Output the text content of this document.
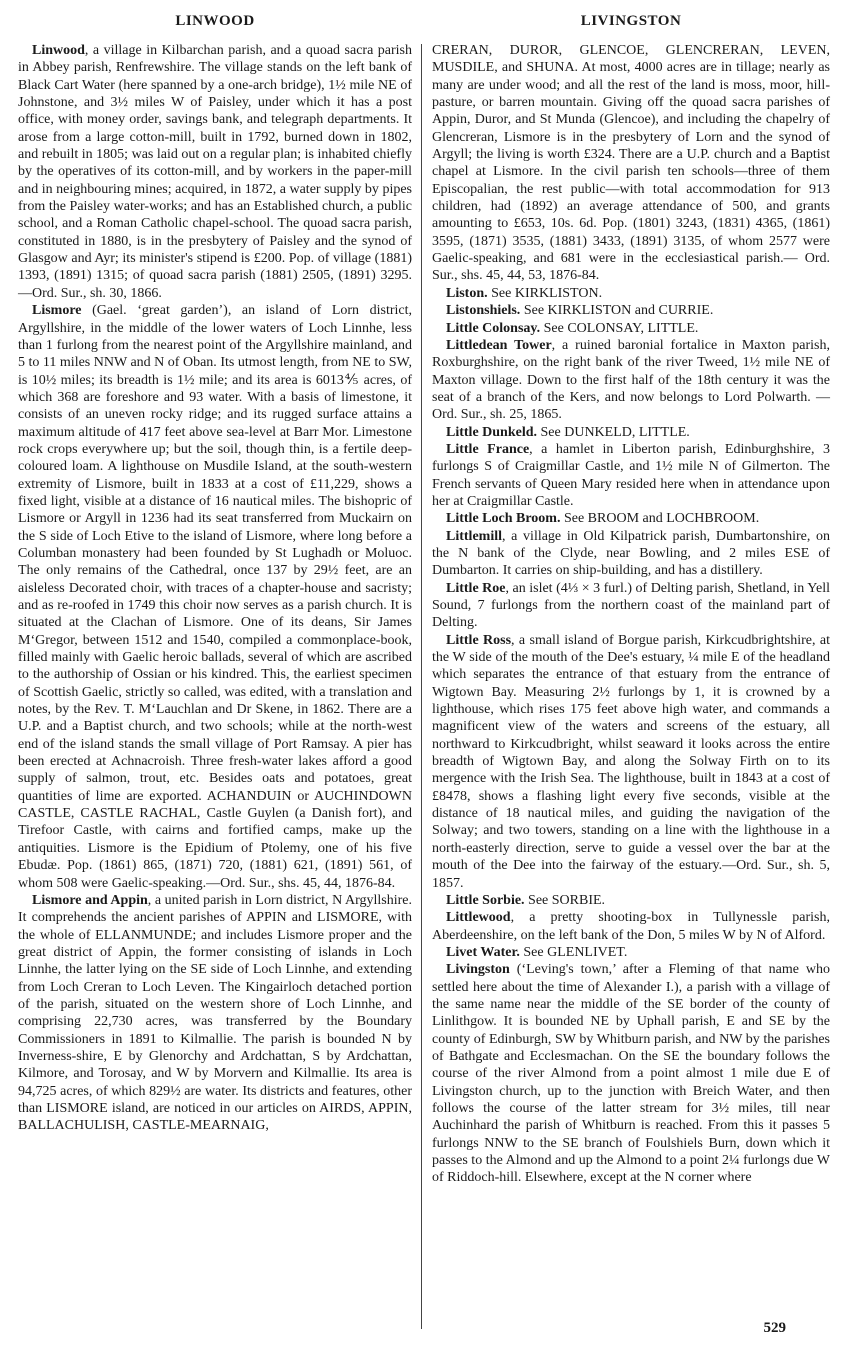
LINWOOD	LIVINGSTON

Linwood, a village in Kilbarchan parish, and a quoad sacra parish in Abbey parish, Renfrewshire. The village stands on the left bank of Black Cart Water (here spanned by a one-arch bridge), 1½ mile NE of Johnstone, and 3½ miles W of Paisley, under which it has a post office, with money order, savings bank, and telegraph departments. It arose from a large cotton-mill, built in 1792, burned down in 1802, and rebuilt in 1805; was laid out on a regular plan; is inhabited chiefly by the operatives of its cotton-mill, and by workers in the paper-mill and in neighbouring mines; acquired, in 1872, a water supply by pipes from the Paisley water-works; and has an Established church, a public school, and a Roman Catholic chapel-school. The quoad sacra parish, constituted in 1880, is in the presbytery of Paisley and the synod of Glasgow and Ayr; its minister's stipend is £200. Pop. of village (1881) 1393, (1891) 1315; of quoad sacra parish (1881) 2505, (1891) 3295. —Ord. Sur., sh. 30, 1866.

Lismore (Gael. ‘great garden’), an island of Lorn district, Argyllshire, in the middle of the lower waters of Loch Linnhe, less than 1 furlong from the nearest point of the Argyllshire mainland, and 5 to 11 miles NNW and N of Oban. Its utmost length, from NE to SW, is 10½ miles; its breadth is 1½ mile; and its area is 6013⅘ acres, of which 368 are foreshore and 93 water. With a basis of limestone, it consists of an uneven rocky ridge; and its rugged surface attains a maximum altitude of 417 feet above sea-level at Barr Mor. Limestone rock crops everywhere up; but the soil, though thin, is a fertile deep-coloured loam. A lighthouse on Musdile Island, at the south-western extremity of Lismore, built in 1833 at a cost of £11,229, shows a fixed light, visible at a distance of 16 nautical miles. The bishopric of Lismore or Argyll in 1236 had its seat transferred from Muckairn on the S side of Loch Etive to the island of Lismore, where long before a Columban monastery had been founded by St Lughadh or Moluoc. The only remains of the Cathedral, once 137 by 29½ feet, are an aisleless Decorated choir, with traces of a chapter-house and sacristy; and as re-roofed in 1749 this choir now serves as a parish church. It is situated at the Clachan of Lismore. One of its deans, Sir James M‘Gregor, between 1512 and 1540, compiled a commonplace-book, filled mainly with Gaelic heroic ballads, several of which are ascribed to the authorship of Ossian or his kindred. This, the earliest specimen of Scottish Gaelic, strictly so called, was edited, with a translation and notes, by the Rev. T. M‘Lauchlan and Dr Skene, in 1862. There are a U.P. and a Baptist church, and two schools; while at the north-west end of the island stands the small village of Port Ramsay. A pier has been erected at Achnacroish. Three fresh-water lakes afford a good supply of salmon, trout, etc. Besides oats and potatoes, great quantities of lime are exported. ACHANDUIN or AUCHINDOWN CASTLE, CASTLE RACHAL, Castle Guylen (a Danish fort), and Tirefoor Castle, with cairns and fortified camps, make up the antiquities. Lismore is the Epidium of Ptolemy, one of his five Ebudæ. Pop. (1861) 865, (1871) 720, (1881) 621, (1891) 561, of whom 508 were Gaelic-speaking.—Ord. Sur., shs. 45, 44, 1876-84.

Lismore and Appin, a united parish in Lorn district, N Argyllshire. It comprehends the ancient parishes of APPIN and LISMORE, with the whole of ELLANMUNDE; and includes Lismore proper and the great district of Appin, the former consisting of islands in Loch Linnhe, the latter lying on the SE side of Loch Linnhe, and extending from Loch Creran to Loch Leven. The Kingairloch detached portion of the parish, situated on the western shore of Loch Linnhe, and comprising 22,730 acres, was transferred by the Boundary Commissioners in 1891 to Kilmallie. The parish is bounded N by Inverness-shire, E by Glenorchy and Ardchattan, S by Ardchattan, Kilmore, and Torosay, and W by Morvern and Kilmallie. Its area is 94,725 acres, of which 829½ are water. Its districts and features, other than LISMORE island, are noticed in our articles on AIRDS, APPIN, BALLACHULISH, CASTLE-MEARNAIG,

CRERAN, DUROR, GLENCOE, GLENCRERAN, LEVEN, MUSDILE, and SHUNA. At most, 4000 acres are in tillage; nearly as many are under wood; and all the rest of the land is moss, moor, hill-pasture, or barren mountain. Giving off the quoad sacra parishes of Appin, Duror, and St Munda (Glencoe), and including the chapelry of Glencreran, Lismore is in the presbytery of Lorn and the synod of Argyll; the living is worth £324. There are a U.P. church and a Baptist chapel at Lismore. In the civil parish ten schools—three of them Episcopalian, the rest public—with total accommodation for 913 children, had (1892) an average attendance of 500, and grants amounting to £653, 10s. 6d. Pop. (1801) 3243, (1831) 4365, (1861) 3595, (1871) 3535, (1881) 3433, (1891) 3135, of whom 2577 were Gaelic-speaking, and 681 were in the ecclesiastical parish.— Ord. Sur., shs. 45, 44, 53, 1876-84.

Liston. See KIRKLISTON.

Listonshiels. See KIRKLISTON and CURRIE.

Little Colonsay. See COLONSAY, LITTLE.

Littledean Tower, a ruined baronial fortalice in Maxton parish, Roxburghshire, on the right bank of the river Tweed, 1½ mile NE of Maxton village. Down to the first half of the 18th century it was the seat of a branch of the Kers, and now belongs to Lord Polwarth. —Ord. Sur., sh. 25, 1865.

Little Dunkeld. See DUNKELD, LITTLE.

Little France, a hamlet in Liberton parish, Edinburghshire, 3 furlongs S of Craigmillar Castle, and 1½ mile N of Gilmerton. The French servants of Queen Mary resided here when in attendance upon her at Craigmillar Castle.

Little Loch Broom. See BROOM and LOCHBROOM.

Littlemill, a village in Old Kilpatrick parish, Dumbartonshire, on the N bank of the Clyde, near Bowling, and 2 miles ESE of Dumbarton. It carries on ship-building, and has a distillery.

Little Roe, an islet (4⅓ × 3 furl.) of Delting parish, Shetland, in Yell Sound, 7 furlongs from the northern coast of the mainland part of Delting.

Little Ross, a small island of Borgue parish, Kirkcudbrightshire, at the W side of the mouth of the Dee's estuary, ¼ mile E of the headland which separates the entrance of that estuary from the entrance of Wigtown Bay. Measuring 2½ furlongs by 1, it is crowned by a lighthouse, which rises 175 feet above high water, and commands a magnificent view of the waters and screens of the estuary, all northward to Kirkcudbright, whilst seaward it looks across the entire breadth of Wigtown Bay, and along the Solway Firth on to its mergence with the Irish Sea. The lighthouse, built in 1843 at a cost of £8478, shows a flashing light every five seconds, visible at the distance of 18 nautical miles, and guiding the navigation of the Solway; and two towers, standing on a line with the lighthouse in a north-easterly direction, serve to guide a vessel over the bar at the mouth of the Dee into the fairway of the estuary.—Ord. Sur., sh. 5, 1857.

Little Sorbie. See SORBIE.

Littlewood, a pretty shooting-box in Tullynessle parish, Aberdeenshire, on the left bank of the Don, 5 miles W by N of Alford.

Livet Water. See GLENLIVET.

Livingston (‘Leving's town,’ after a Fleming of that name who settled here about the time of Alexander I.), a parish with a village of the same name near the middle of the SE border of the county of Linlithgow. It is bounded NE by Uphall parish, E and SE by the county of Edinburgh, SW by Whitburn parish, and NW by the parishes of Bathgate and Ecclesmachan. On the SE the boundary follows the course of the river Almond from a point almost 1 mile due E of Livingston church, up to the junction with Breich Water, and then follows the course of the latter stream for 3½ miles, till near Auchinhard the parish of Whitburn is reached. From this it passes 5 furlongs NNW to the SE branch of Foulshiels Burn, down which it passes to the Almond and up the Almond to a point 2¼ furlongs due W of Riddoch-hill. Elsewhere, except at the N corner where

529
